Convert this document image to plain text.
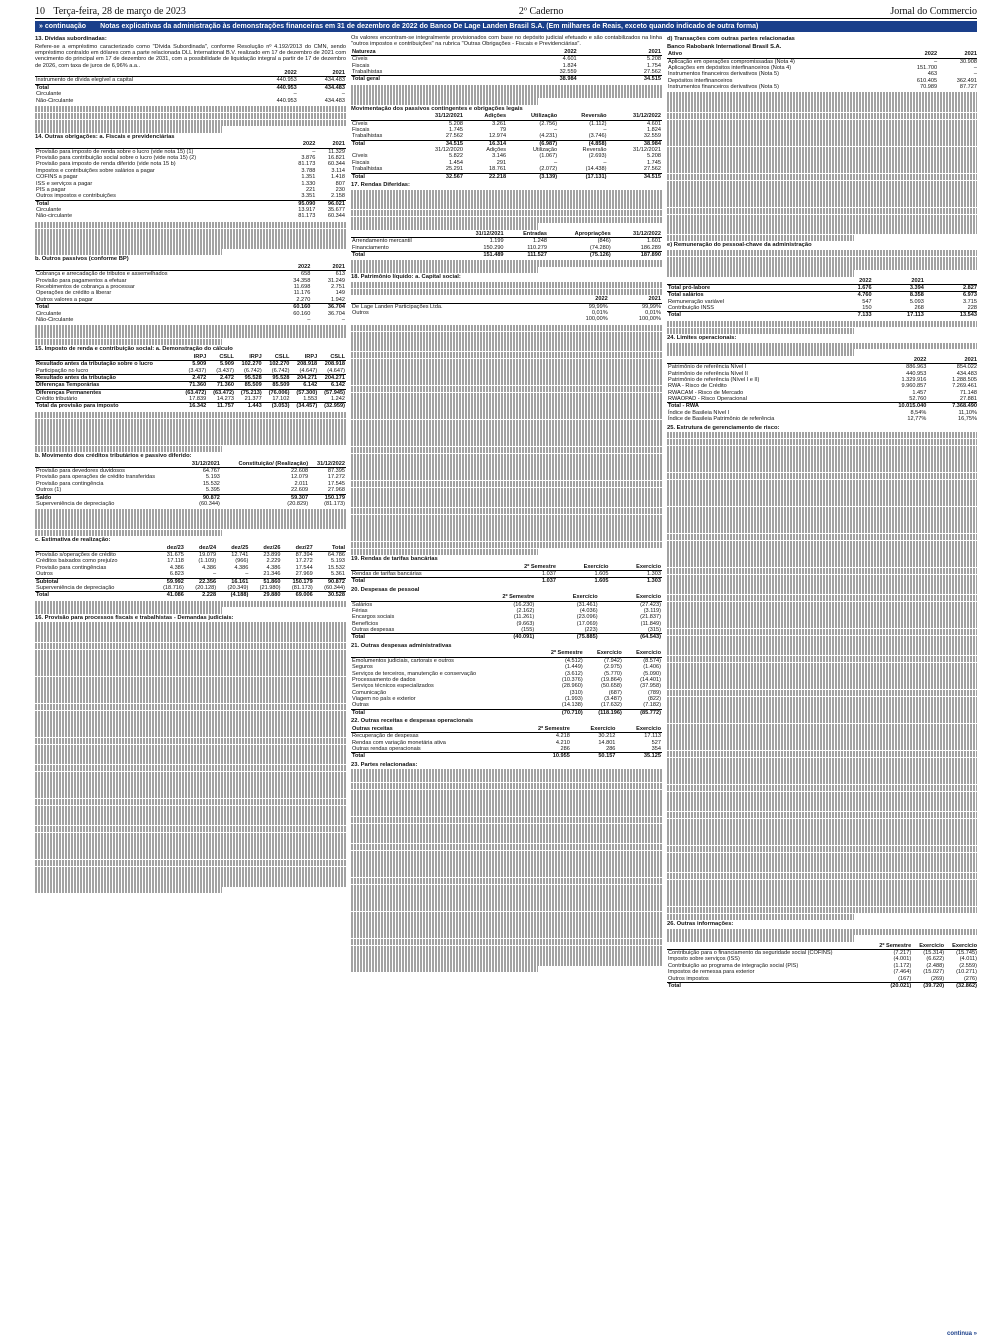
10 Terça-feira, 28 de março de 2023	2º Caderno	Jornal do Commercio
» continuação Notas explicativas da administração às demonstrações financeiras em 31 de dezembro de 2022 do Banco De Lage Landen Brasil S.A. (Em milhares de Reais, exceto quando indicado de outra forma)
13. Dívidas subordinadas:

Refere-se a empréstimo caracterizado como "Dívida Subordinada", conforme Resolução nº 4.192/2013 do CMN, sendo empréstimo contraído em dólares com a parte relacionada DLL International B.V. realizado em 17 de dezembro de 2021 com vencimento do principal em 17 de dezembro de 2031, com a possibilidade de liquidação integral a partir de 17 de dezembro de 2026, com taxa de juros de 6,96% a.a..

	2022	2021
Instrumento de dívida elegível a capital	440.953	434.483
Total	440.953	434.483
Circulante	–	–
Não-Circulante	440.953	434.483
14. Outras obrigações: a. Fiscais e previdenciárias
	2022	2021
Provisão para imposto de renda sobre o lucro (vide nota 15) (1)	–	11.329
Provisão para contribuição social sobre o lucro (vide nota 15) (2)	3.876	16.821
Provisão para imposto de renda diferido (vide nota 15 b)	81.173	60.344
Impostos e contribuições sobre salários a pagar	3.788	3.114
COFINS a pagar	1.351	1.418
ISS e serviços a pagar	1.330	807
PIS a pagar	221	230
Outros impostos e contribuições	3.351	2.158
Total	95.090	96.021
Circulante	13.917	35.677
Não-circulante	81.173	60.344
b. Outros passivos (conforme BP)
	2022	2021
Cobrança e arrecadação de tributos e assemelhados	658	613
Provisão para pagamentos a efetuar	34.358	31.249
Recebimentos de cobrança a processar	11.698	2.751
Operações de crédito a liberar	11.176	149
Outros valores a pagar	2.270	1.942
Total	60.160	36.704
Circulante	60.160	36.704
Não-Circulante	–	–
15. Imposto de renda e contribuição social: a. Demonstração do cálculo
	IRPJ	CSLL	IRPJ	CSLL	IRPJ	CSLL
Resultado antes da tributação sobre o lucro	5.909	5.909	102.270	102.270	208.918	208.918
Participação no lucro	(3.437)	(3.437)	(6.742)	(6.742)	(4.647)	(4.647)
Resultado antes da tributação	2.472	2.472	95.528	95.528	204.271	204.271
Diferenças Temporárias	71.360	71.360	85.509	85.509	6.142	6.142
Diferenças Permanentes	(63.472)	(63.472)	(75.213)	(76.006)	(57.300)	(57.945)
Crédito tributário	17.839	14.273	21.377	17.102	1.553	1.242
Total da provisão para imposto	16.342	11.757	1.443	(3.053)	(34.457)	(32.959)
b. Movimento dos créditos tributários e passivo diferido:
	31/12/2021	Constituição/ (Realização)	31/12/2022
Provisão para devedores duvidosos	64.767	22.608	87.395
Provisão para operações de crédito transferidas	5.193	12.079	17.272
Provisão para contingência	15.532	2.011	17.545
Outros (1)	5.395	22.609	27.968
Saldo	90.872	59.307	150.179
Superveniência de depreciação	(60.344)	(20.829)	(81.173)
c. Estimativa de realização:
	dez/23	dez/24	dez/25	dez/26	dez/27	Total
Provisão s/operações de crédito	31.675	19.079	12.741	23.899	87.394	64.786
Créditos baixados como prejuízo	17.118	(1.109)	(966)	2.229	17.272	5.193
Provisão para contingências	4.386	4.386	4.386	4.386	17.544	15.532
Outros	6.823	–	–	21.346	27.969	5.361
Subtotal	59.992	22.356	16.161	51.860	150.179	90.872
Superveniência de depreciação	(18.716)	(20.128)	(20.349)	(21.980)	(81.173)	(60.344)
Total	41.086	2.228	(4.188)	29.880	69.006	30.528
16. Provisão para processos fiscais e trabalhistas - Demandas judiciais:

Os valores encontram-se integralmente provisionados com base no depósito judicial efetuado e são contabilizados na linha "outros impostos e contribuições" na rubrica "Outras Obrigações - Fiscais e Previdenciárias".

Natureza	2022	2021
Cíveis	4.601	5.208
Fiscais	1.824	1.754
Trabalhistas	32.559	27.562
Total geral	38.984	34.515
Movimentação dos passivos contingentes e obrigações legais
	31/12/2021	Adições	Utilização	Reversão	31/12/2022
Cíveis	5.208	3.261	(2.756)	(1.112)	4.601
Fiscais	1.745	79	–	–	1.824
Trabalhistas	27.562	12.974	(4.231)	(3.746)	32.559
Total	34.515	16.314	(6.987)	(4.858)	38.984
	31/12/2020	Adições	Utilização	Reversão	31/12/2021
Cíveis	5.822	3.146	(1.067)	(2.693)	5.208
Fiscais	1.454	291	–	–	1.745
Trabalhistas	25.291	18.761	(2.072)	(14.438)	27.562
Total	32.567	22.218	(3.139)	(17.131)	34.515
17. Rendas Diferidas:
	31/12/2021	Entradas	Apropriações	31/12/2022
Arrendamento mercantil	1.199	1.248	(846)	1.601
Financiamento	150.290	110.279	(74.280)	186.289
Total	151.489	111.527	(75.126)	187.890
18. Patrimônio líquido: a. Capital social:
	2022	2021
De Lage Landen Participações Ltda.	99,99%	99,99%
Outros	0,01%	0,01%
	100,00%	100,00%
19. Rendas de tarifas bancárias
	2º Semestre	Exercício	Exercício
Rendas de tarifas bancárias	1.037	1.605	1.303
Total	1.037	1.605	1.303
20. Despesas de pessoal
	2º Semestre	Exercício	Exercício
Salários	(16.230)	(31.461)	(27.423)
Férias	(2.162)	(4.036)	(3.119)
Encargos sociais	(11.261)	(23.096)	(21.837)
Benefícios	(9.663)	(17.069)	(11.849)
Outras despesas	(155)	(223)	(315)
Total	(40.091)	(75.885)	(64.543)
21. Outras despesas administrativas
	2º Semestre	Exercício	Exercício
Emolumentos judiciais, cartorais e outros	(4.512)	(7.942)	(8.574)
Seguros	(1.449)	(2.975)	(1.406)
Serviços de terceiros, manutenção e conservação	(3.612)	(5.770)	(5.090)
Processamento de dados	(10.376)	(19.864)	(14.401)
Serviços técnicos especializados	(28.960)	(50.658)	(37.958)
Comunicação	(310)	(687)	(789)
Viagem no país e exterior	(1.993)	(3.487)	(822)
Outras	(14.138)	(17.632)	(7.182)
Total	(70.710)	(118.196)	(85.772)
22. Outras receitas e despesas operacionais
Outras receitas	2º Semestre	Exercício	Exercício
Recuperação de despesas	4.218	30.212	17.113
Rendas com variação monetária ativa	4.210	14.801	527
Outras rendas operacionais	286	286	354
Total	10.955	50.157	35.125
23. Partes relacionadas:
d) Transações com outras partes relacionadas
Banco Rabobank International Brasil S.A.
Ativo	2022	2021
Aplicação em operações compromissadas (Nota 4)	–	30.908
Aplicações em depósitos interfinanceiros (Nota 4)	151.700	–
Instrumentos financeiros derivativos (Nota 5)	463	–
Depósitos interfinanceiros	610.405	362.491
Instrumentos financeiros derivativos (Nota 5)	70.989	87.727
e) Remuneração do pessoal-chave da administração
	2022	2021	
Total pró-labore	1.676	3.394	2.827
Total salários	4.760	8.358	6.973
Remuneração variável	547	5.093	3.715
Contribuição INSS	150	268	228
Total	7.133	17.113	13.543
24. Limites operacionais:
	2022	2021
Patrimônio de referência Nível I	886.963	854.022
Patrimônio de referência Nível II	440.953	434.483
Patrimônio de referência (Nível I e II)	1.329.916	1.288.505
RWA - Risco de Crédito	9.960.857	7.269.461
RWACAM - Risco de Mercado	1.457	71.148
RWAOPAD - Risco Operacional	52.760	27.881
Total - RWA	10.015.040	7.368.490
Índice de Basileia Nível I	8,54%	11,10%
Índice de Basileia Patrimônio de referência	12,77%	16,75%
25. Estrutura de gerenciamento de risco:
26. Outras informações:
	2º Semestre	Exercício	Exercício
Contribuição para o financiamento da seguridade social (COFINS)	(7.217)	(15.314)	(15.745)
Imposto sobre serviços (ISS)	(4.001)	(6.622)	(4.011)
Contribuição ao programa de integração social (PIS)	(1.172)	(2.488)	(2.559)
Impostos de remessa para exterior	(7.464)	(15.027)	(10.271)
Outros impostos	(167)	(269)	(276)
Total	(20.021)	(39.720)	(32.862)
continua »
